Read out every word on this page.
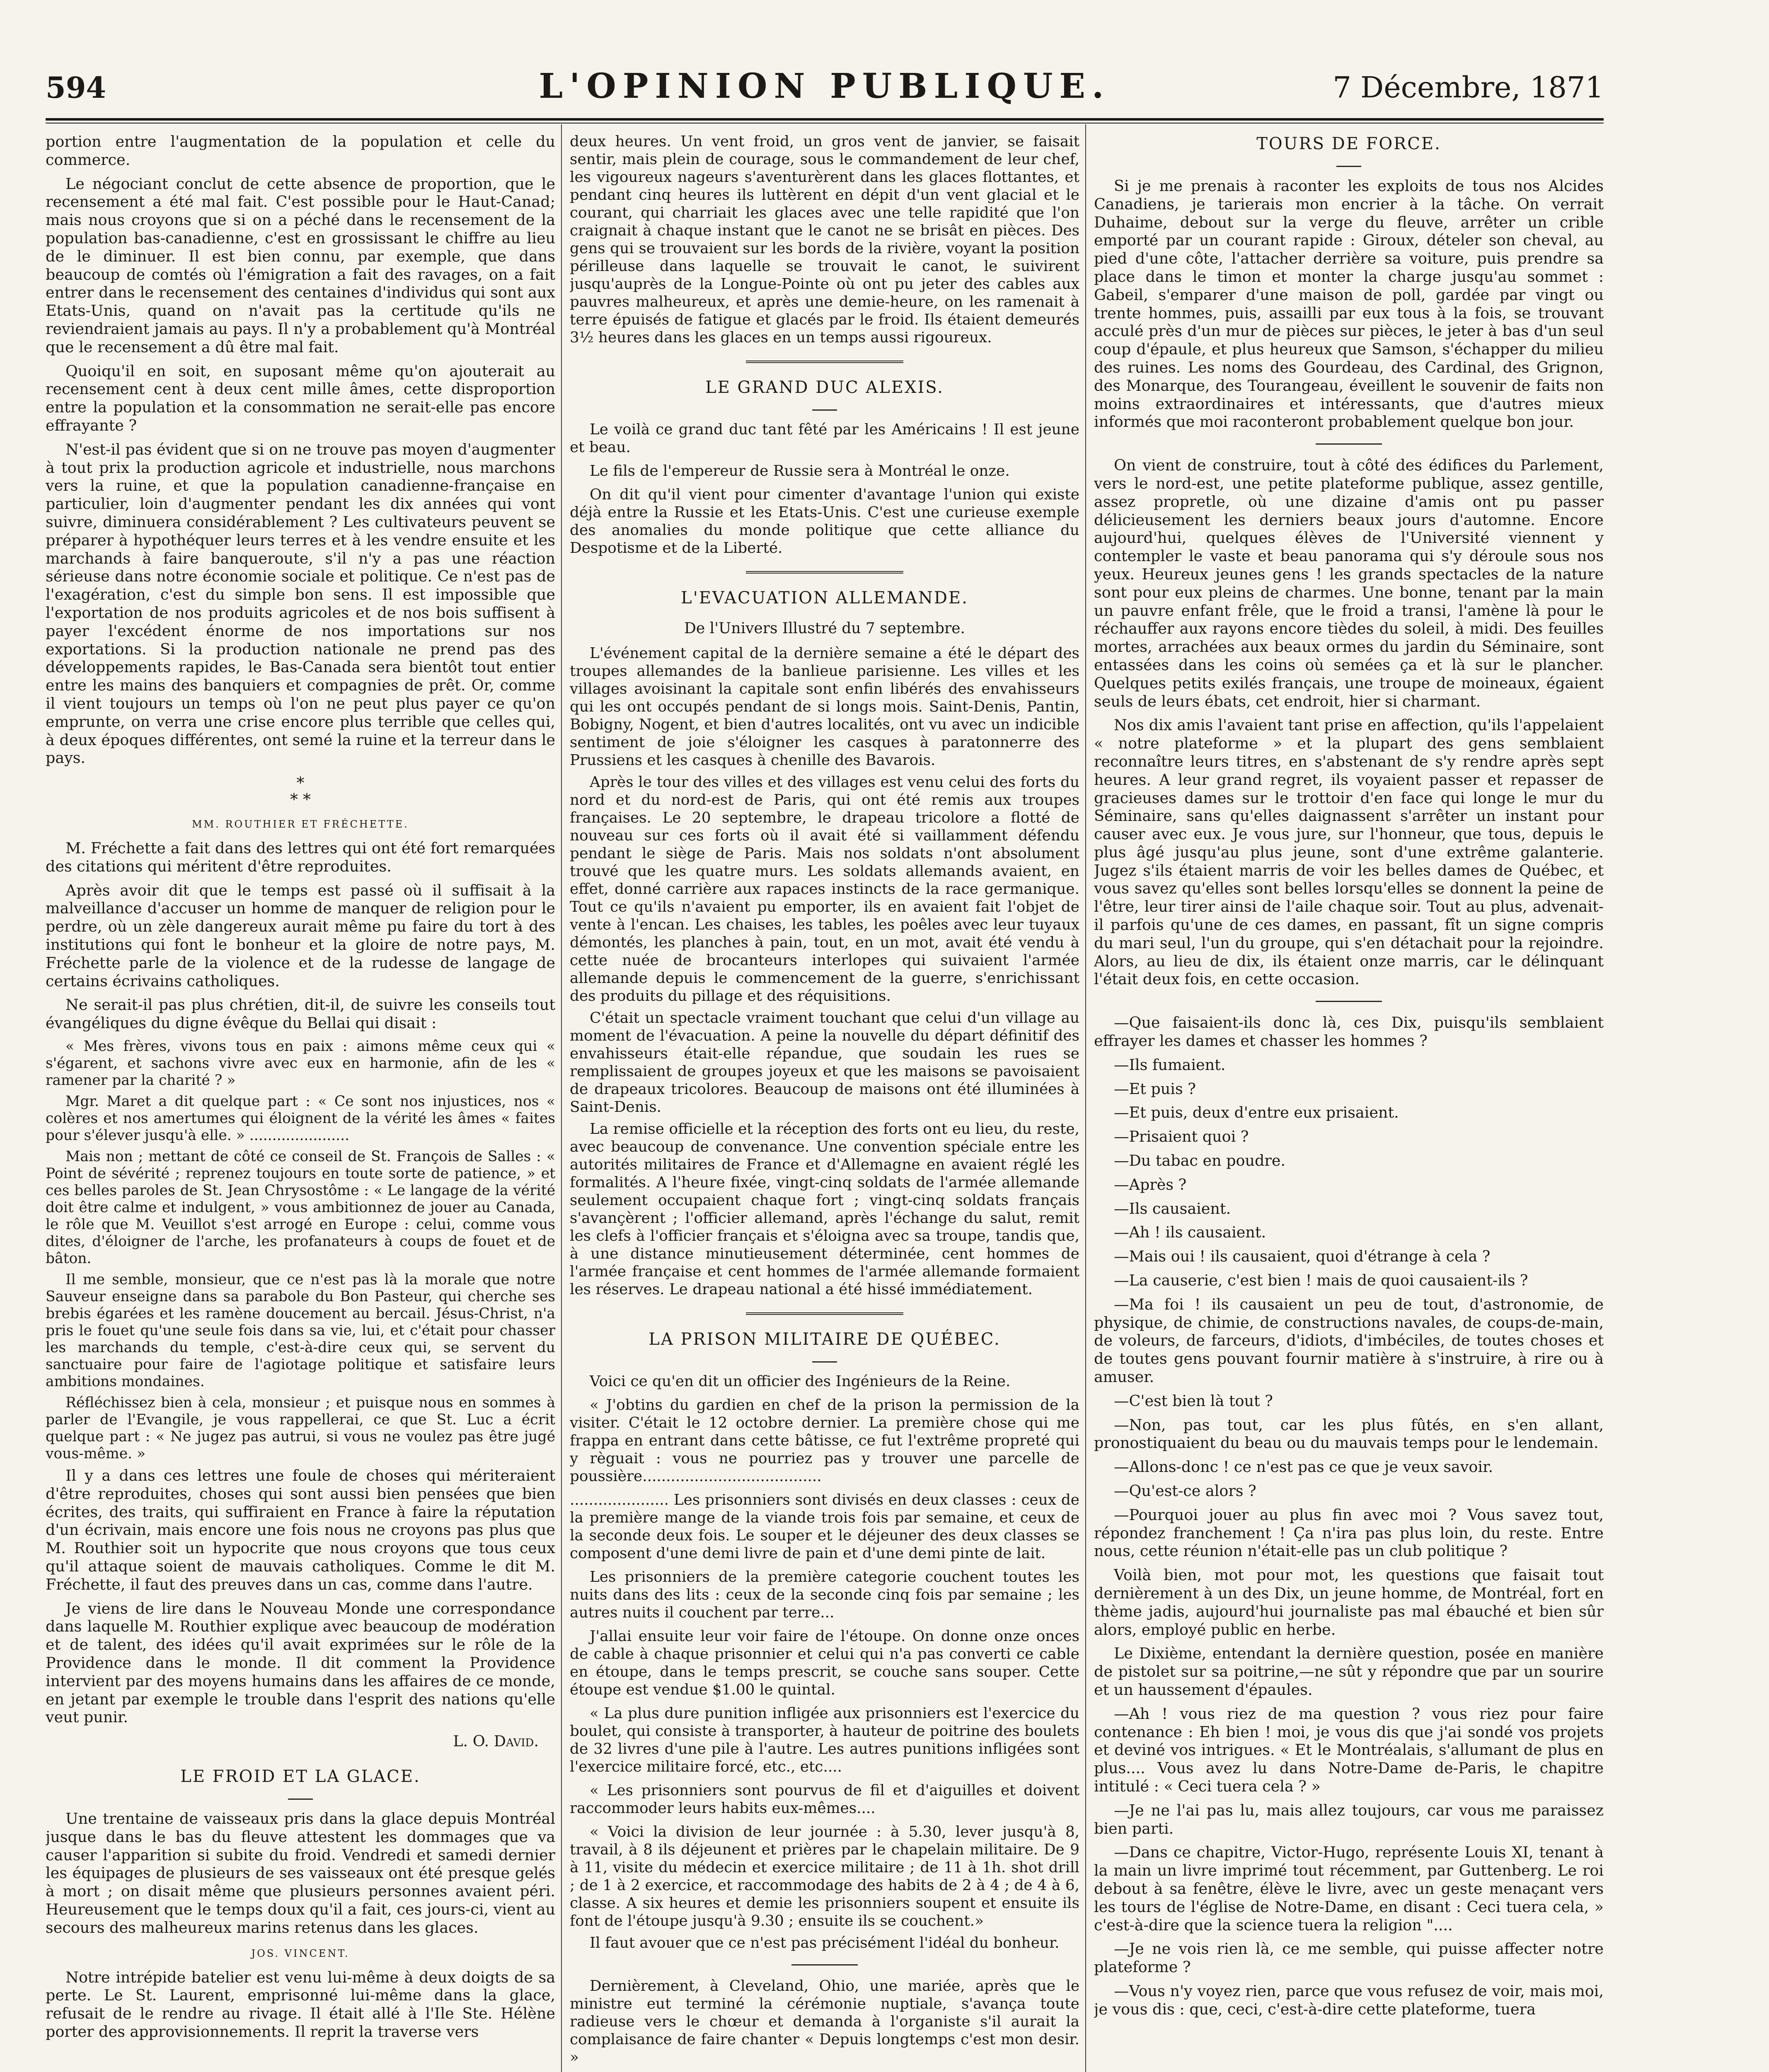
594	L'OPINION PUBLIQUE.	7 Décembre, 1871

portion entre l'augmentation de la population et celle du commerce.

Le négociant conclut de cette absence de proportion, que le recensement a été mal fait. C'est possible pour le Haut-Canad; mais nous croyons que si on a péché dans le recensement de la population bas-canadienne, c'est en grossissant le chiffre au lieu de le diminuer. Il est bien connu, par exemple, que dans beaucoup de comtés où l'émigration a fait des ravages, on a fait entrer dans le recensement des centaines d'individus qui sont aux Etats-Unis, quand on n'avait pas la certitude qu'ils ne reviendraient jamais au pays. Il n'y a probablement qu'à Montréal que le recensement a dû être mal fait.

Quoiqu'il en soit, en suposant même qu'on ajouterait au recensement cent à deux cent mille âmes, cette disproportion entre la population et la consommation ne serait-elle pas encore effrayante ?

N'est-il pas évident que si on ne trouve pas moyen d'augmenter à tout prix la production agricole et industrielle, nous marchons vers la ruine, et que la population canadienne-française en particulier, loin d'augmenter pendant les dix années qui vont suivre, diminuera considérablement ? Les cultivateurs peuvent se préparer à hypothéquer leurs terres et à les vendre ensuite et les marchands à faire banqueroute, s'il n'y a pas une réaction sérieuse dans notre économie sociale et politique. Ce n'est pas de l'exagération, c'est du simple bon sens. Il est impossible que l'exportation de nos produits agricoles et de nos bois suffisent à payer l'excédent énorme de nos importations sur nos exportations. Si la production nationale ne prend pas des développements rapides, le Bas-Canada sera bientôt tout entier entre les mains des banquiers et compagnies de prêt. Or, comme il vient toujours un temps où l'on ne peut plus payer ce qu'on emprunte, on verra une crise encore plus terrible que celles qui, à deux époques différentes, ont semé la ruine et la terreur dans le pays.

*
* *
MM. ROUTHIER ET FRÉCHETTE.

M. Fréchette a fait dans des lettres qui ont été fort remarquées des citations qui méritent d'être reproduites.

Après avoir dit que le temps est passé où il suffisait à la malveillance d'accuser un homme de manquer de religion pour le perdre, où un zèle dangereux aurait même pu faire du tort à des institutions qui font le bonheur et la gloire de notre pays, M. Fréchette parle de la violence et de la rudesse de langage de certains écrivains catholiques.

Ne serait-il pas plus chrétien, dit-il, de suivre les conseils tout évangéliques du digne évêque du Bellai qui disait :

« Mes frères, vivons tous en paix : aimons même ceux qui « s'égarent, et sachons vivre avec eux en harmonie, afin de les « ramener par la charité ? »

Mgr. Maret a dit quelque part : « Ce sont nos injustices, nos « colères et nos amertumes qui éloignent de la vérité les âmes « faites pour s'élever jusqu'à elle. » ......................

Mais non ; mettant de côté ce conseil de St. François de Salles : « Point de sévérité ; reprenez toujours en toute sorte de patience, » et ces belles paroles de St. Jean Chrysostôme : « Le langage de la vérité doit être calme et indulgent, » vous ambitionnez de jouer au Canada, le rôle que M. Veuillot s'est arrogé en Europe : celui, comme vous dites, d'éloigner de l'arche, les profanateurs à coups de fouet et de bâton.

Il me semble, monsieur, que ce n'est pas là la morale que notre Sauveur enseigne dans sa parabole du Bon Pasteur, qui cherche ses brebis égarées et les ramène doucement au bercail. Jésus-Christ, n'a pris le fouet qu'une seule fois dans sa vie, lui, et c'était pour chasser les marchands du temple, c'est-à-dire ceux qui, se servent du sanctuaire pour faire de l'agiotage politique et satisfaire leurs ambitions mondaines.

Réfléchissez bien à cela, monsieur ; et puisque nous en sommes à parler de l'Evangile, je vous rappellerai, ce que St. Luc a écrit quelque part : « Ne jugez pas autrui, si vous ne voulez pas être jugé vous-même. »

Il y a dans ces lettres une foule de choses qui mériteraient d'être reproduites, choses qui sont aussi bien pensées que bien écrites, des traits, qui suffiraient en France à faire la réputation d'un écrivain, mais encore une fois nous ne croyons pas plus que M. Routhier soit un hypocrite que nous croyons que tous ceux qu'il attaque soient de mauvais catholiques. Comme le dit M. Fréchette, il faut des preuves dans un cas, comme dans l'autre.

Je viens de lire dans le Nouveau Monde une correspondance dans laquelle M. Routhier explique avec beaucoup de modération et de talent, des idées qu'il avait exprimées sur le rôle de la Providence dans le monde. Il dit comment la Providence intervient par des moyens humains dans les affaires de ce monde, en jetant par exemple le trouble dans l'esprit des nations qu'elle veut punir.

L. O. David.

LE FROID ET LA GLACE.

Une trentaine de vaisseaux pris dans la glace depuis Montréal jusque dans le bas du fleuve attestent les dommages que va causer l'apparition si subite du froid. Vendredi et samedi dernier les équipages de plusieurs de ses vaisseaux ont été presque gelés à mort ; on disait même que plusieurs personnes avaient péri. Heureusement que le temps doux qu'il a fait, ces jours-ci, vient au secours des malheureux marins retenus dans les glaces.

JOS. VINCENT.

Notre intrépide batelier est venu lui-même à deux doigts de sa perte. Le St. Laurent, emprisonné lui-même dans la glace, refusait de le rendre au rivage. Il était allé à l'Ile Ste. Hélène porter des approvisionnements. Il reprit la traverse vers

deux heures. Un vent froid, un gros vent de janvier, se faisait sentir, mais plein de courage, sous le commandement de leur chef, les vigoureux nageurs s'aventurèrent dans les glaces flottantes, et pendant cinq heures ils luttèrent en dépit d'un vent glacial et le courant, qui charriait les glaces avec une telle rapidité que l'on craignait à chaque instant que le canot ne se brisât en pièces. Des gens qui se trouvaient sur les bords de la rivière, voyant la position périlleuse dans laquelle se trouvait le canot, le suivirent jusqu'auprès de la Longue-Pointe où ont pu jeter des cables aux pauvres malheureux, et après une demie-heure, on les ramenait à terre épuisés de fatigue et glacés par le froid. Ils étaient demeurés 3½ heures dans les glaces en un temps aussi rigoureux.

LE GRAND DUC ALEXIS.

Le voilà ce grand duc tant fêté par les Américains ! Il est jeune et beau.

Le fils de l'empereur de Russie sera à Montréal le onze.

On dit qu'il vient pour cimenter d'avantage l'union qui existe déjà entre la Russie et les Etats-Unis. C'est une curieuse exemple des anomalies du monde politique que cette alliance du Despotisme et de la Liberté.

L'EVACUATION ALLEMANDE.
De l'Univers Illustré du 7 septembre.

L'événement capital de la dernière semaine a été le départ des troupes allemandes de la banlieue parisienne. Les villes et les villages avoisinant la capitale sont enfin libérés des envahisseurs qui les ont occupés pendant de si longs mois. Saint-Denis, Pantin, Bobigny, Nogent, et bien d'autres localités, ont vu avec un indicible sentiment de joie s'éloigner les casques à paratonnerre des Prussiens et les casques à chenille des Bavarois.

Après le tour des villes et des villages est venu celui des forts du nord et du nord-est de Paris, qui ont été remis aux troupes françaises. Le 20 septembre, le drapeau tricolore a flotté de nouveau sur ces forts où il avait été si vaillamment défendu pendant le siège de Paris. Mais nos soldats n'ont absolument trouvé que les quatre murs. Les soldats allemands avaient, en effet, donné carrière aux rapaces instincts de la race germanique. Tout ce qu'ils n'avaient pu emporter, ils en avaient fait l'objet de vente à l'encan. Les chaises, les tables, les poêles avec leur tuyaux démontés, les planches à pain, tout, en un mot, avait été vendu à cette nuée de brocanteurs interlopes qui suivaient l'armée allemande depuis le commencement de la guerre, s'enrichissant des produits du pillage et des réquisitions.

C'était un spectacle vraiment touchant que celui d'un village au moment de l'évacuation. A peine la nouvelle du départ définitif des envahisseurs était-elle répandue, que soudain les rues se remplissaient de groupes joyeux et que les maisons se pavoisaient de drapeaux tricolores. Beaucoup de maisons ont été illuminées à Saint-Denis.

La remise officielle et la réception des forts ont eu lieu, du reste, avec beaucoup de convenance. Une convention spéciale entre les autorités militaires de France et d'Allemagne en avaient réglé les formalités. A l'heure fixée, vingt-cinq soldats de l'armée allemande seulement occupaient chaque fort ; vingt-cinq soldats français s'avançèrent ; l'officier allemand, après l'échange du salut, remit les clefs à l'officier français et s'éloigna avec sa troupe, tandis que, à une distance minutieusement déterminée, cent hommes de l'armée française et cent hommes de l'armée allemande formaient les réserves. Le drapeau national a été hissé immédiatement.

LA PRISON MILITAIRE DE QUÉBEC.

Voici ce qu'en dit un officier des Ingénieurs de la Reine.

« J'obtins du gardien en chef de la prison la permission de la visiter. C'était le 12 octobre dernier. La première chose qui me frappa en entrant dans cette bâtisse, ce fut l'extrême propreté qui y règuait : vous ne pourriez pas y trouver une parcelle de poussière......................................

..................... Les prisonniers sont divisés en deux classes : ceux de la première mange de la viande trois fois par semaine, et ceux de la seconde deux fois. Le souper et le déjeuner des deux classes se composent d'une demi livre de pain et d'une demi pinte de lait.

Les prisonniers de la première categorie couchent toutes les nuits dans des lits : ceux de la seconde cinq fois par semaine ; les autres nuits il couchent par terre...

J'allai ensuite leur voir faire de l'étoupe. On donne onze onces de cable à chaque prisonnier et celui qui n'a pas converti ce cable en étoupe, dans le temps prescrit, se couche sans souper. Cette étoupe est vendue $1.00 le quintal.

« La plus dure punition infligée aux prisonniers est l'exercice du boulet, qui consiste à transporter, à hauteur de poitrine des boulets de 32 livres d'une pile à l'autre. Les autres punitions infligées sont l'exercice militaire forcé, etc., etc....

« Les prisonniers sont pourvus de fil et d'aiguilles et doivent raccommoder leurs habits eux-mêmes....

« Voici la division de leur journée : à 5.30, lever jusqu'à 8, travail, à 8 ils déjeunent et prières par le chapelain militaire. De 9 à 11, visite du médecin et exercice militaire ; de 11 à 1h. shot drill ; de 1 à 2 exercice, et raccommodage des habits de 2 à 4 ; de 4 à 6, classe. A six heures et demie les prisonniers soupent et ensuite ils font de l'étoupe jusqu'à 9.30 ; ensuite ils se couchent.»

Il faut avouer que ce n'est pas précisément l'idéal du bonheur.

Dernièrement, à Cleveland, Ohio, une mariée, après que le ministre eut terminé la cérémonie nuptiale, s'avança toute radieuse vers le chœur et demanda à l'organiste s'il aurait la complaisance de faire chanter « Depuis longtemps c'est mon desir. »

TOURS DE FORCE.

Si je me prenais à raconter les exploits de tous nos Alcides Canadiens, je tarierais mon encrier à la tâche. On verrait Duhaime, debout sur la verge du fleuve, arrêter un crible emporté par un courant rapide : Giroux, dételer son cheval, au pied d'une côte, l'attacher derrière sa voiture, puis prendre sa place dans le timon et monter la charge jusqu'au sommet : Gabeil, s'emparer d'une maison de poll, gardée par vingt ou trente hommes, puis, assailli par eux tous à la fois, se trouvant acculé près d'un mur de pièces sur pièces, le jeter à bas d'un seul coup d'épaule, et plus heureux que Samson, s'échapper du milieu des ruines. Les noms des Gourdeau, des Cardinal, des Grignon, des Monarque, des Tourangeau, éveillent le souvenir de faits non moins extraordinaires et intéressants, que d'autres mieux informés que moi raconteront probablement quelque bon jour.

On vient de construire, tout à côté des édifices du Parlement, vers le nord-est, une petite plateforme publique, assez gentille, assez propretle, où une dizaine d'amis ont pu passer délicieusement les derniers beaux jours d'automne. Encore aujourd'hui, quelques élèves de l'Université viennent y contempler le vaste et beau panorama qui s'y déroule sous nos yeux. Heureux jeunes gens ! les grands spectacles de la nature sont pour eux pleins de charmes. Une bonne, tenant par la main un pauvre enfant frêle, que le froid a transi, l'amène là pour le réchauffer aux rayons encore tièdes du soleil, à midi. Des feuilles mortes, arrachées aux beaux ormes du jardin du Séminaire, sont entassées dans les coins où semées ça et là sur le plancher. Quelques petits exilés français, une troupe de moineaux, égaient seuls de leurs ébats, cet endroit, hier si charmant.

Nos dix amis l'avaient tant prise en affection, qu'ils l'appelaient « notre plateforme » et la plupart des gens semblaient reconnaître leurs titres, en s'abstenant de s'y rendre après sept heures. A leur grand regret, ils voyaient passer et repasser de gracieuses dames sur le trottoir d'en face qui longe le mur du Séminaire, sans qu'elles daignassent s'arrêter un instant pour causer avec eux. Je vous jure, sur l'honneur, que tous, depuis le plus âgé jusqu'au plus jeune, sont d'une extrême galanterie. Jugez s'ils étaient marris de voir les belles dames de Québec, et vous savez qu'elles sont belles lorsqu'elles se donnent la peine de l'être, leur tirer ainsi de l'aile chaque soir. Tout au plus, advenait-il parfois qu'une de ces dames, en passant, fît un signe compris du mari seul, l'un du groupe, qui s'en détachait pour la rejoindre. Alors, au lieu de dix, ils étaient onze marris, car le délinquant l'était deux fois, en cette occasion.

—Que faisaient-ils donc là, ces Dix, puisqu'ils semblaient effrayer les dames et chasser les hommes ?

—Ils fumaient.

—Et puis ?

—Et puis, deux d'entre eux prisaient.

—Prisaient quoi ?

—Du tabac en poudre.

—Après ?

—Ils causaient.

—Ah ! ils causaient.

—Mais oui ! ils causaient, quoi d'étrange à cela ?

—La causerie, c'est bien ! mais de quoi causaient-ils ?

—Ma foi ! ils causaient un peu de tout, d'astronomie, de physique, de chimie, de constructions navales, de coups-de-main, de voleurs, de farceurs, d'idiots, d'imbéciles, de toutes choses et de toutes gens pouvant fournir matière à s'instruire, à rire ou à amuser.

—C'est bien là tout ?

—Non, pas tout, car les plus fûtés, en s'en allant, pronostiquaient du beau ou du mauvais temps pour le lendemain.

—Allons-donc ! ce n'est pas ce que je veux savoir.

—Qu'est-ce alors ?

—Pourquoi jouer au plus fin avec moi ? Vous savez tout, répondez franchement ! Ça n'ira pas plus loin, du reste. Entre nous, cette réunion n'était-elle pas un club politique ?

Voilà bien, mot pour mot, les questions que faisait tout dernièrement à un des Dix, un jeune homme, de Montréal, fort en thème jadis, aujourd'hui journaliste pas mal ébauché et bien sûr alors, employé public en herbe.

Le Dixième, entendant la dernière question, posée en manière de pistolet sur sa poitrine,—ne sût y répondre que par un sourire et un haussement d'épaules.

—Ah ! vous riez de ma question ? vous riez pour faire contenance : Eh bien ! moi, je vous dis que j'ai sondé vos projets et deviné vos intrigues. « Et le Montréalais, s'allumant de plus en plus.... Vous avez lu dans Notre-Dame de-Paris, le chapitre intitulé : « Ceci tuera cela ? »

—Je ne l'ai pas lu, mais allez toujours, car vous me paraissez bien parti.

—Dans ce chapitre, Victor-Hugo, représente Louis XI, tenant à la main un livre imprimé tout récemment, par Guttenberg. Le roi debout à sa fenêtre, élève le livre, avec un geste menaçant vers les tours de l'église de Notre-Dame, en disant : Ceci tuera cela, » c'est-à-dire que la science tuera la religion "....

—Je ne vois rien là, ce me semble, qui puisse affecter notre plateforme ?

—Vous n'y voyez rien, parce que vous refusez de voir, mais moi, je vous dis : que, ceci, c'est-à-dire cette plateforme, tuera
